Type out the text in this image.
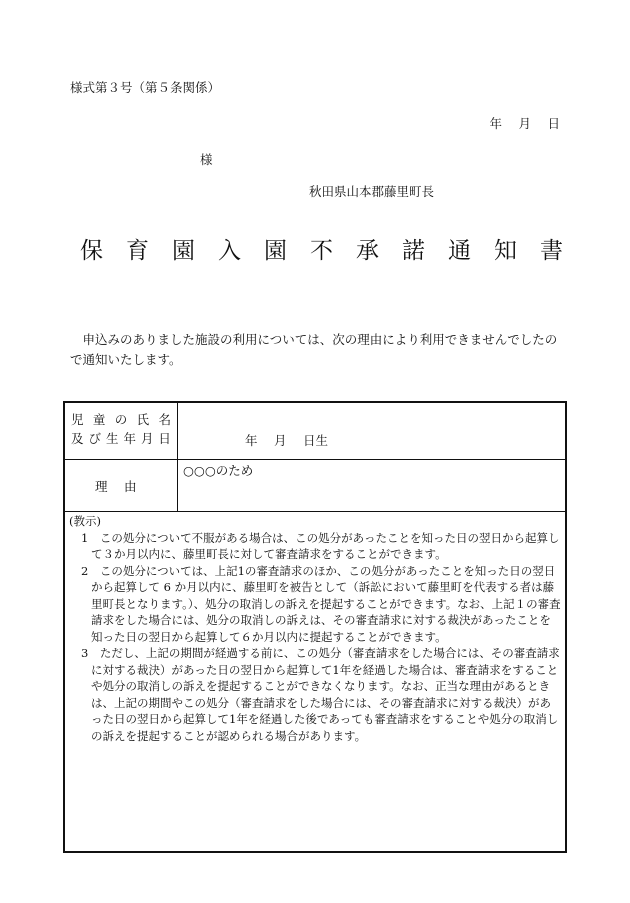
様式第３号（第５条関係）
年　 月 　日
様
秋田県山本郡藤里町長
保育園入園不承諾通知書
申込みのありました施設の利用については、次の理由により利用できませんでしたので通知いたします。
児 童 の 氏 名
及 び 生 年 月 日	年　 月　 日生
理　 由
○○○のため

(教示)

1　この処分について不服がある場合は、この処分があったことを知った日の翌日から起算して３か月以内に、藤里町長に対して審査請求をすることができます。

2　この処分については、上記1の審査請求のほか、この処分があったことを知った日の翌日から起算して 6 か月以内に、藤里町を被告として（訴訟において藤里町を代表する者は藤里町長となります。）、処分の取消しの訴えを提起することができます。なお、上記１の審査請求をした場合には、処分の取消しの訴えは、その審査請求に対する裁決があったことを知った日の翌日から起算して６か月以内に提起することができます。

3　ただし、上記の期間が経過する前に、この処分（審査請求をした場合には、その審査請求に対する裁決）があった日の翌日から起算して1年を経過した場合は、審査請求をすることや処分の取消しの訴えを提起することができなくなります。なお、正当な理由があるときは、上記の期間やこの処分（審査請求をした場合には、その審査請求に対する裁決）があった日の翌日から起算して1年を経過した後であっても審査請求をすることや処分の取消しの訴えを提起することが認められる場合があります。
